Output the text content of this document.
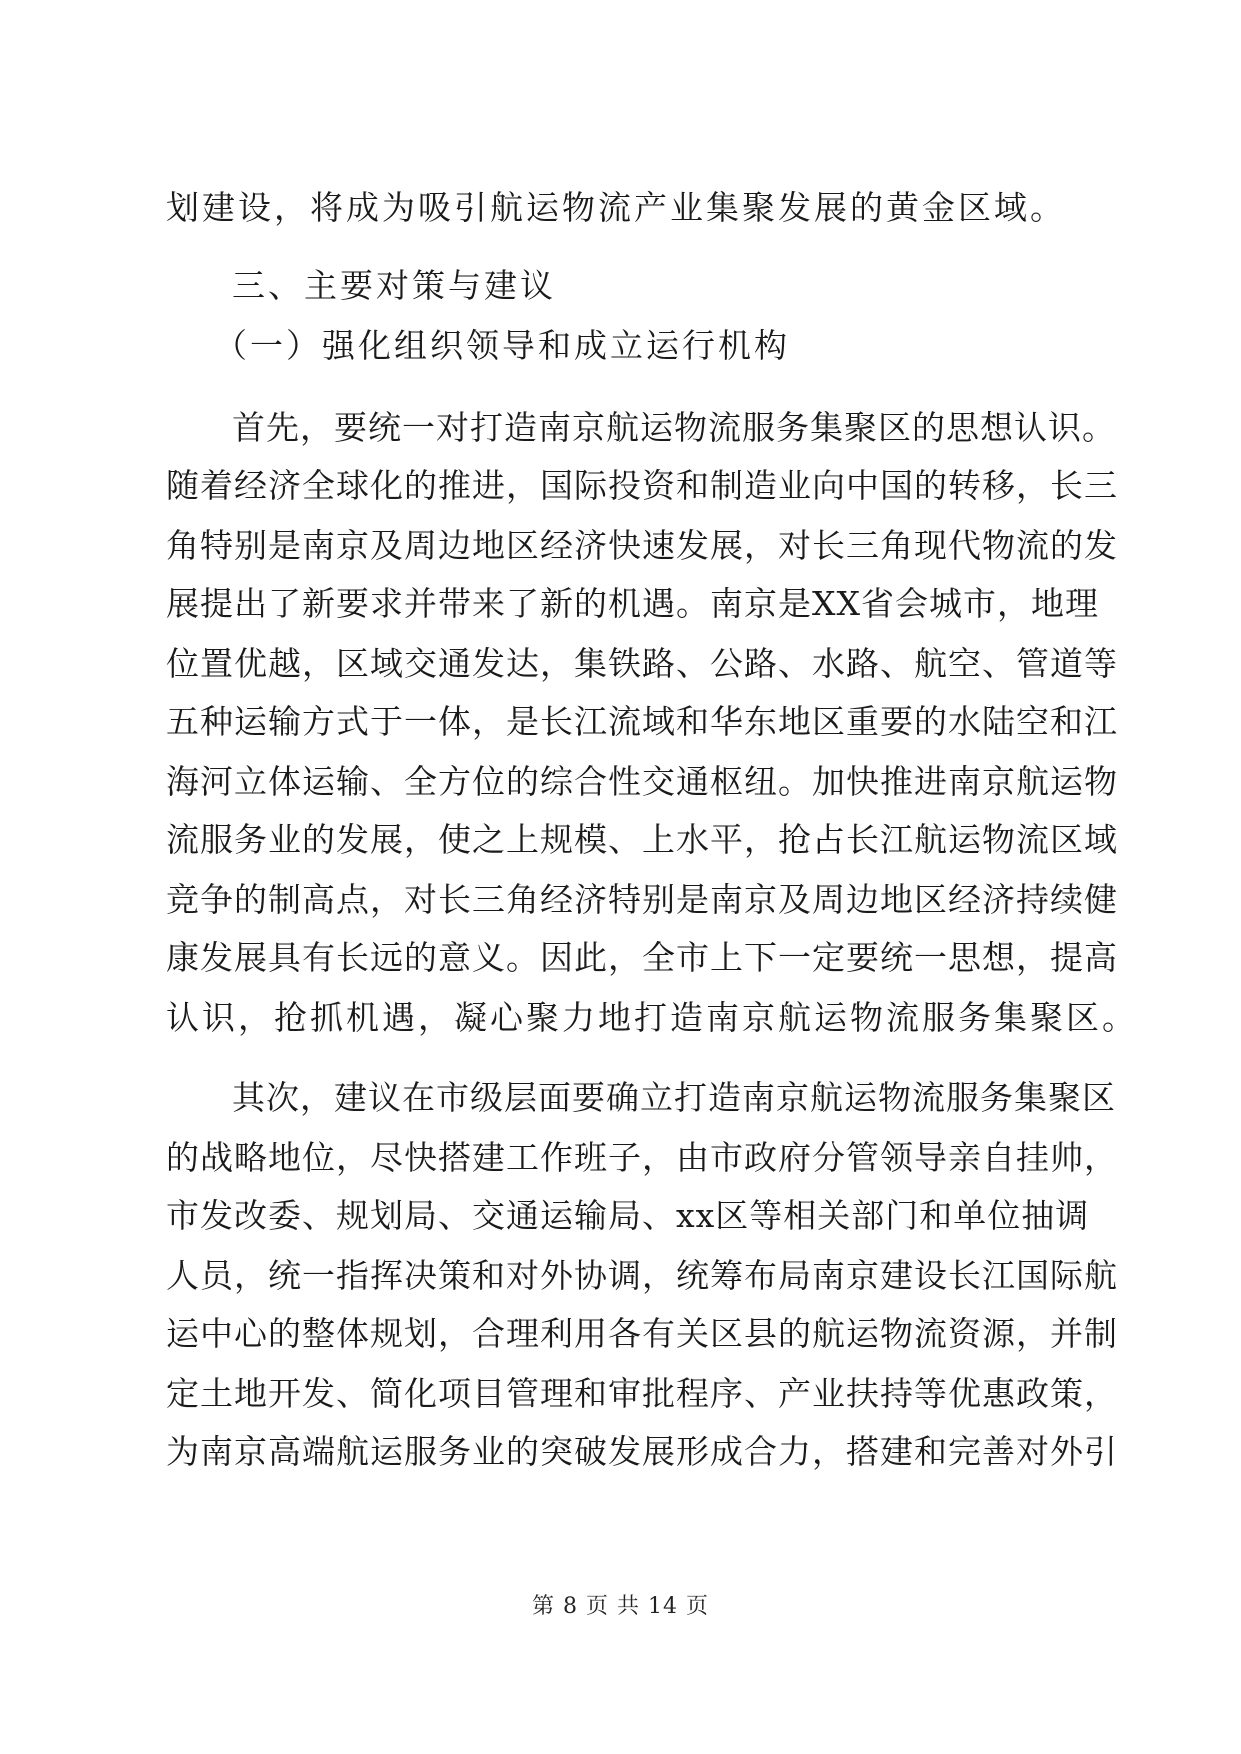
划建设，将成为吸引航运物流产业集聚发展的黄金区域。
三、主要对策与建议
（一）强化组织领导和成立运行机构
首先，要统一对打造南京航运物流服务集聚区的思想认识。
随着经济全球化的推进，国际投资和制造业向中国的转移，长三
角特别是南京及周边地区经济快速发展，对长三角现代物流的发
展提出了新要求并带来了新的机遇。南京是XX省会城市，地理
位置优越，区域交通发达，集铁路、公路、水路、航空、管道等
五种运输方式于一体，是长江流域和华东地区重要的水陆空和江
海河立体运输、全方位的综合性交通枢纽。加快推进南京航运物
流服务业的发展，使之上规模、上水平，抢占长江航运物流区域
竞争的制高点，对长三角经济特别是南京及周边地区经济持续健
康发展具有长远的意义。因此，全市上下一定要统一思想，提高
认识，抢抓机遇，凝心聚力地打造南京航运物流服务集聚区。
其次，建议在市级层面要确立打造南京航运物流服务集聚区
的战略地位，尽快搭建工作班子，由市政府分管领导亲自挂帅，
市发改委、规划局、交通运输局、xx区等相关部门和单位抽调
人员，统一指挥决策和对外协调，统筹布局南京建设长江国际航
运中心的整体规划，合理利用各有关区县的航运物流资源，并制
定土地开发、简化项目管理和审批程序、产业扶持等优惠政策，
为南京高端航运服务业的突破发展形成合力，搭建和完善对外引
第 8 页 共 14 页
